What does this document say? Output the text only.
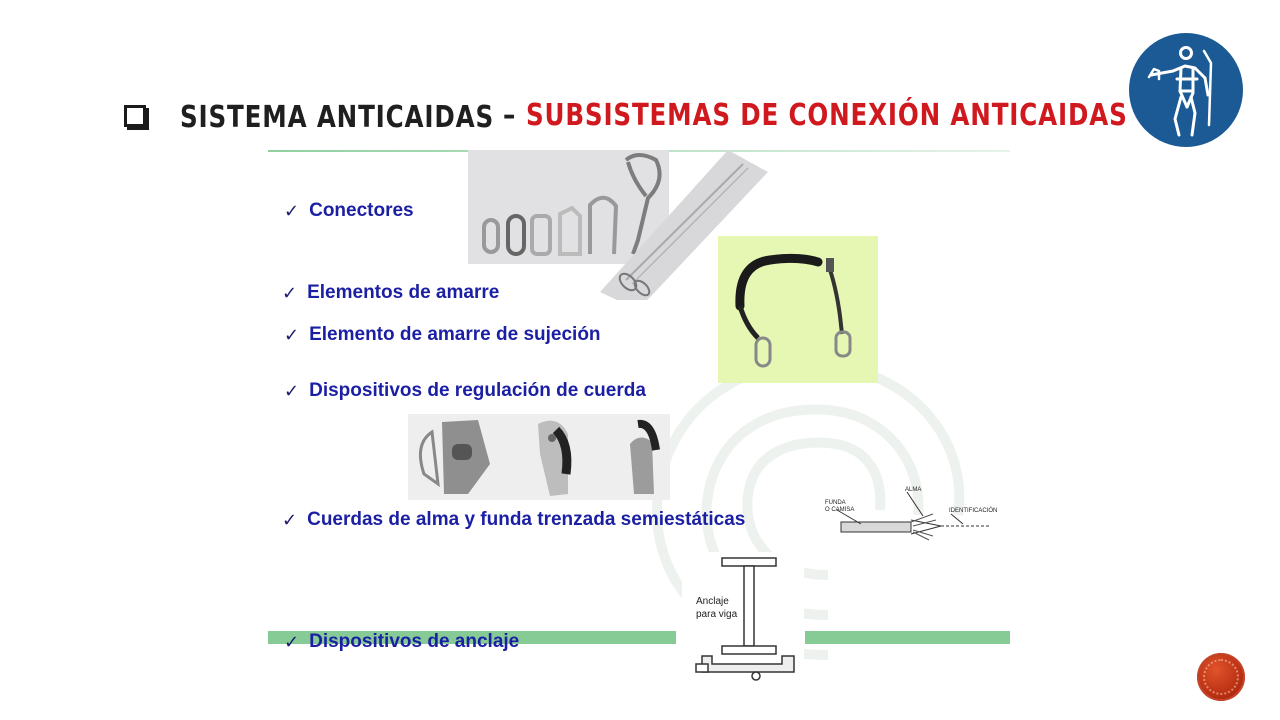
SISTEMA ANTICAIDAS – SUBSISTEMAS DE CONEXIÓN ANTICAIDAS
FUNDA
O CAMISA
ALMA
IDENTIFICACIÓN
Anclaje
para viga
✓ Conectores
✓ Elementos de amarre
✓ Elemento de amarre de sujeción
✓ Dispositivos de regulación de cuerda
✓ Cuerdas de alma y funda trenzada semiestáticas
✓ Dispositivos de anclaje
